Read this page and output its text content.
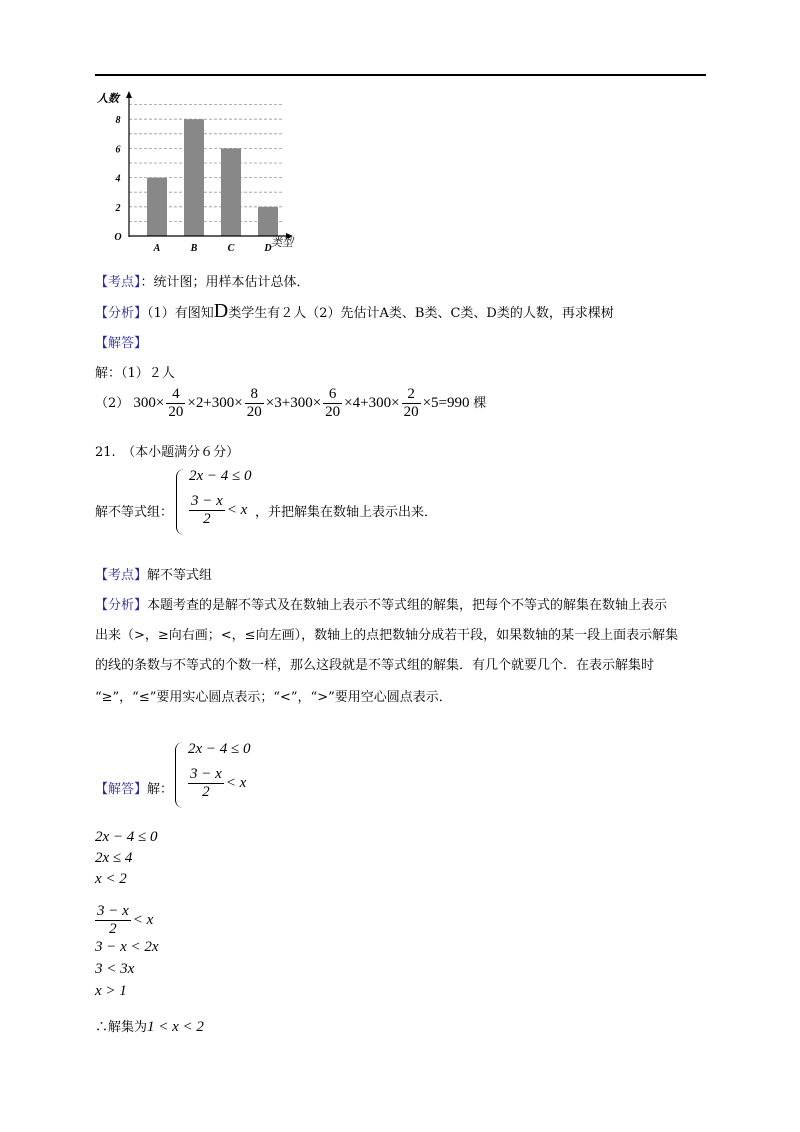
A	B	C	D
O
2
4
6
8
人数
类型
【考点】：统计图；用样本估计总体．
【分析】（1）有图知D类学生有２人（2）先估计A类、B类、C类、D类的人数，再求棵树
【解答】
解：（1）２人
（2） $300\times \frac{4}{20} \times 2+300\times \frac{8}{20} \times 3+300\times \frac{6}{20} \times 4+300\times \frac{2}{20} \times 5=990$ 棵
21.　（本小题满分６分）
解不等式组：
2x − 4 ≤ 0
$\frac{3 - x}{2} < x$ ，并把解集在数轴上表示出来．
【考点】解不等式组
【分析】本题考查的是解不等式及在数轴上表示不等式组的解集，把每个不等式的解集在数轴上表示
出来（>，≥向右画；<，≤向左画），数轴上的点把数轴分成若干段，如果数轴的某一段上面表示解集
的线的条数与不等式的个数一样，那么这段就是不等式组的解集．有几个就要几个．在表示解集时
“≥”，“≤”要用实心圆点表示；“<”，“>”要用空心圆点表示．
【解答】解：
2x − 4 ≤ 0
$\frac{3 - x}{2} < x$
2x − 4 ≤ 0
2x ≤ 4
x < 2
$\frac{3 - x}{2} < x$
3 − x < 2x
3 < 3x
x > 1
∴解集为1 < x < 2
